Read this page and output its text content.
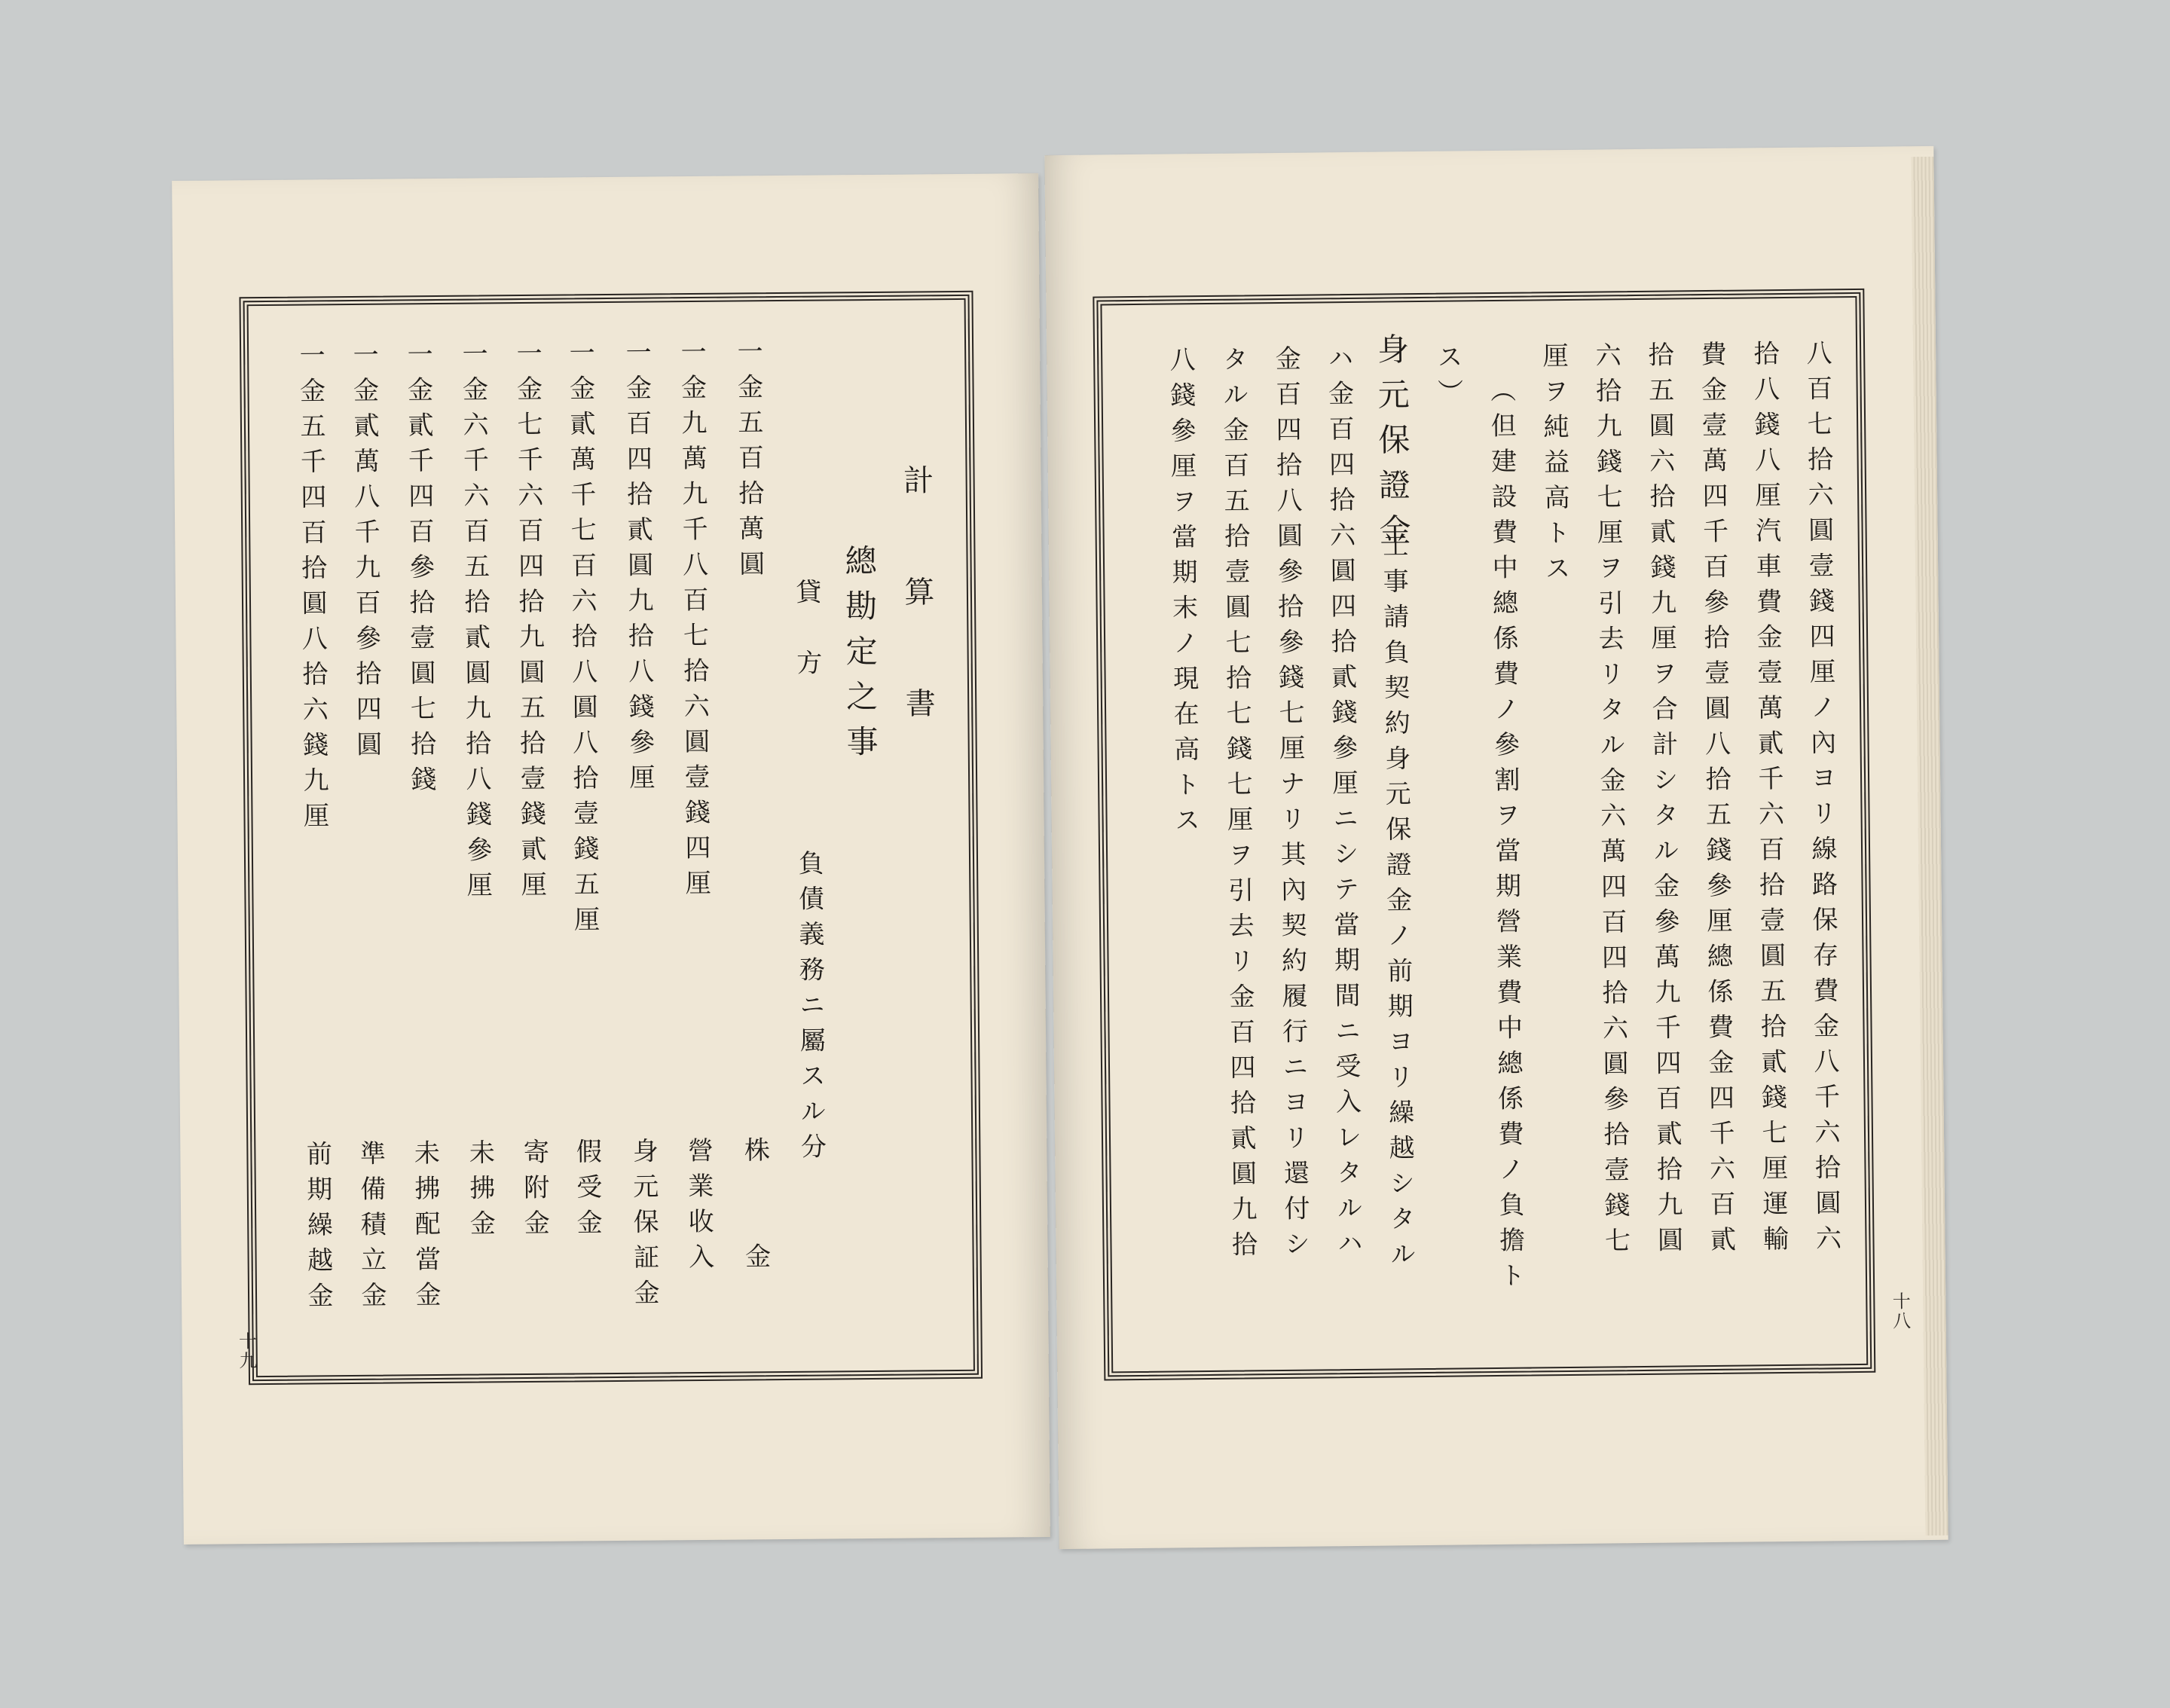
計　算　書
總勘定之事
貸　方
負債義務ニ屬スル分
一金五百拾萬圓
株　　金
一金九萬九千八百七拾六圓壹錢四厘
營業收入
一金百四拾貳圓九拾八錢參厘
身元保証金
一金貳萬千七百六拾八圓八拾壹錢五厘
假受金
一金七千六百四拾九圓五拾壹錢貳厘
寄附金
一金六千六百五拾貳圓九拾八錢參厘
未拂金
一金貳千四百參拾壹圓七拾錢
未拂配當金
一金貳萬八千九百參拾四圓
準備積立金
一金五千四百拾圓八拾六錢九厘
前期繰越金
十九
八百七拾六圓壹錢四厘ノ內ヨリ線路保存費金八千六拾圓六
拾八錢八厘汽車費金壹萬貳千六百拾壹圓五拾貳錢七厘運輸
費金壹萬四千百參拾壹圓八拾五錢參厘總係費金四千六百貳
拾五圓六拾貳錢九厘ヲ合計シタル金參萬九千四百貳拾九圓
六拾九錢七厘ヲ引去リタル金六萬四百四拾六圓參拾壹錢七
厘ヲ純益高トス
（但建設費中總係費ノ參割ヲ當期營業費中總係費ノ負擔ト
ス）
身元保證金
工事請負契約身元保證金ノ前期ヨリ繰越シタル
ハ金百四拾六圓四拾貳錢參厘ニシテ當期間ニ受入レタルハ
金百四拾八圓參拾參錢七厘ナリ其內契約履行ニヨリ還付シ
タル金百五拾壹圓七拾七錢七厘ヲ引去リ金百四拾貳圓九拾
八錢參厘ヲ當期末ノ現在高トス
十八
